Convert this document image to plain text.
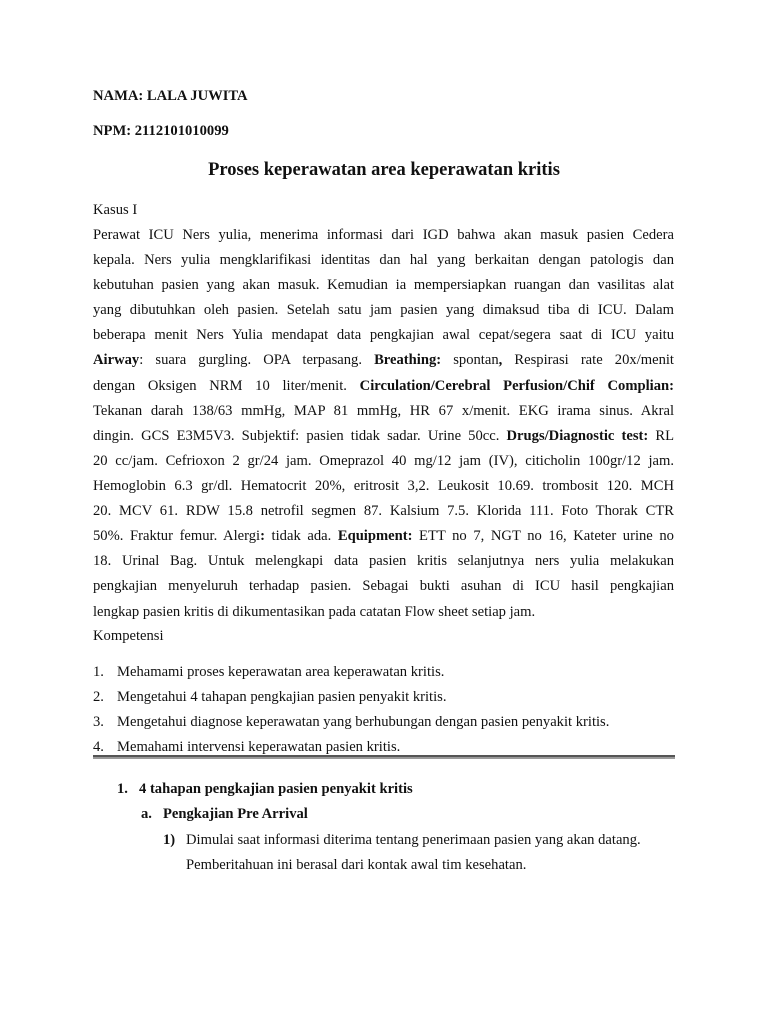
NAMA: LALA JUWITA
NPM: 2112101010099
Proses keperawatan area keperawatan kritis
Kasus I
Perawat ICU Ners yulia, menerima informasi dari IGD bahwa akan masuk pasien Cedera
kepala. Ners yulia mengklarifikasi identitas dan hal yang berkaitan dengan patologis dan
kebutuhan pasien yang akan masuk. Kemudian ia mempersiapkan ruangan dan vasilitas alat
yang dibutuhkan oleh pasien. Setelah satu jam pasien yang dimaksud tiba di ICU. Dalam
beberapa menit Ners Yulia mendapat data pengkajian awal cepat/segera saat di ICU yaitu
Airway: suara gurgling. OPA terpasang. Breathing: spontan, Respirasi rate 20x/menit
dengan Oksigen NRM 10 liter/menit. Circulation/Cerebral Perfusion/Chif Complian:
Tekanan darah 138/63 mmHg, MAP 81 mmHg, HR 67 x/menit. EKG irama sinus. Akral
dingin. GCS E3M5V3. Subjektif: pasien tidak sadar. Urine 50cc. Drugs/Diagnostic test: RL
20 cc/jam. Cefrioxon 2 gr/24 jam. Omeprazol 40 mg/12 jam (IV), citicholin 100gr/12 jam.
Hemoglobin 6.3 gr/dl. Hematocrit 20%, eritrosit 3,2. Leukosit 10.69. trombosit 120. MCH
20. MCV 61. RDW 15.8 netrofil segmen 87. Kalsium 7.5. Klorida 111. Foto Thorak CTR
50%. Fraktur femur. Alergi: tidak ada. Equipment: ETT no 7, NGT no 16, Kateter urine no
18. Urinal Bag. Untuk melengkapi data pasien kritis selanjutnya ners yulia melakukan
pengkajian menyeluruh terhadap pasien. Sebagai bukti asuhan di ICU hasil pengkajian
lengkap pasien kritis di dikumentasikan pada catatan Flow sheet setiap jam.
Kompetensi
1. Mehamami proses keperawatan area keperawatan kritis.
2. Mengetahui 4 tahapan pengkajian pasien penyakit kritis.
3. Mengetahui diagnose keperawatan yang berhubungan dengan pasien penyakit kritis.
4. Memahami intervensi keperawatan pasien kritis.
1. 4 tahapan pengkajian pasien penyakit kritis
a. Pengkajian Pre Arrival
1) Dimulai saat informasi diterima tentang penerimaan pasien yang akan datang.
Pemberitahuan ini berasal dari kontak awal tim kesehatan.
